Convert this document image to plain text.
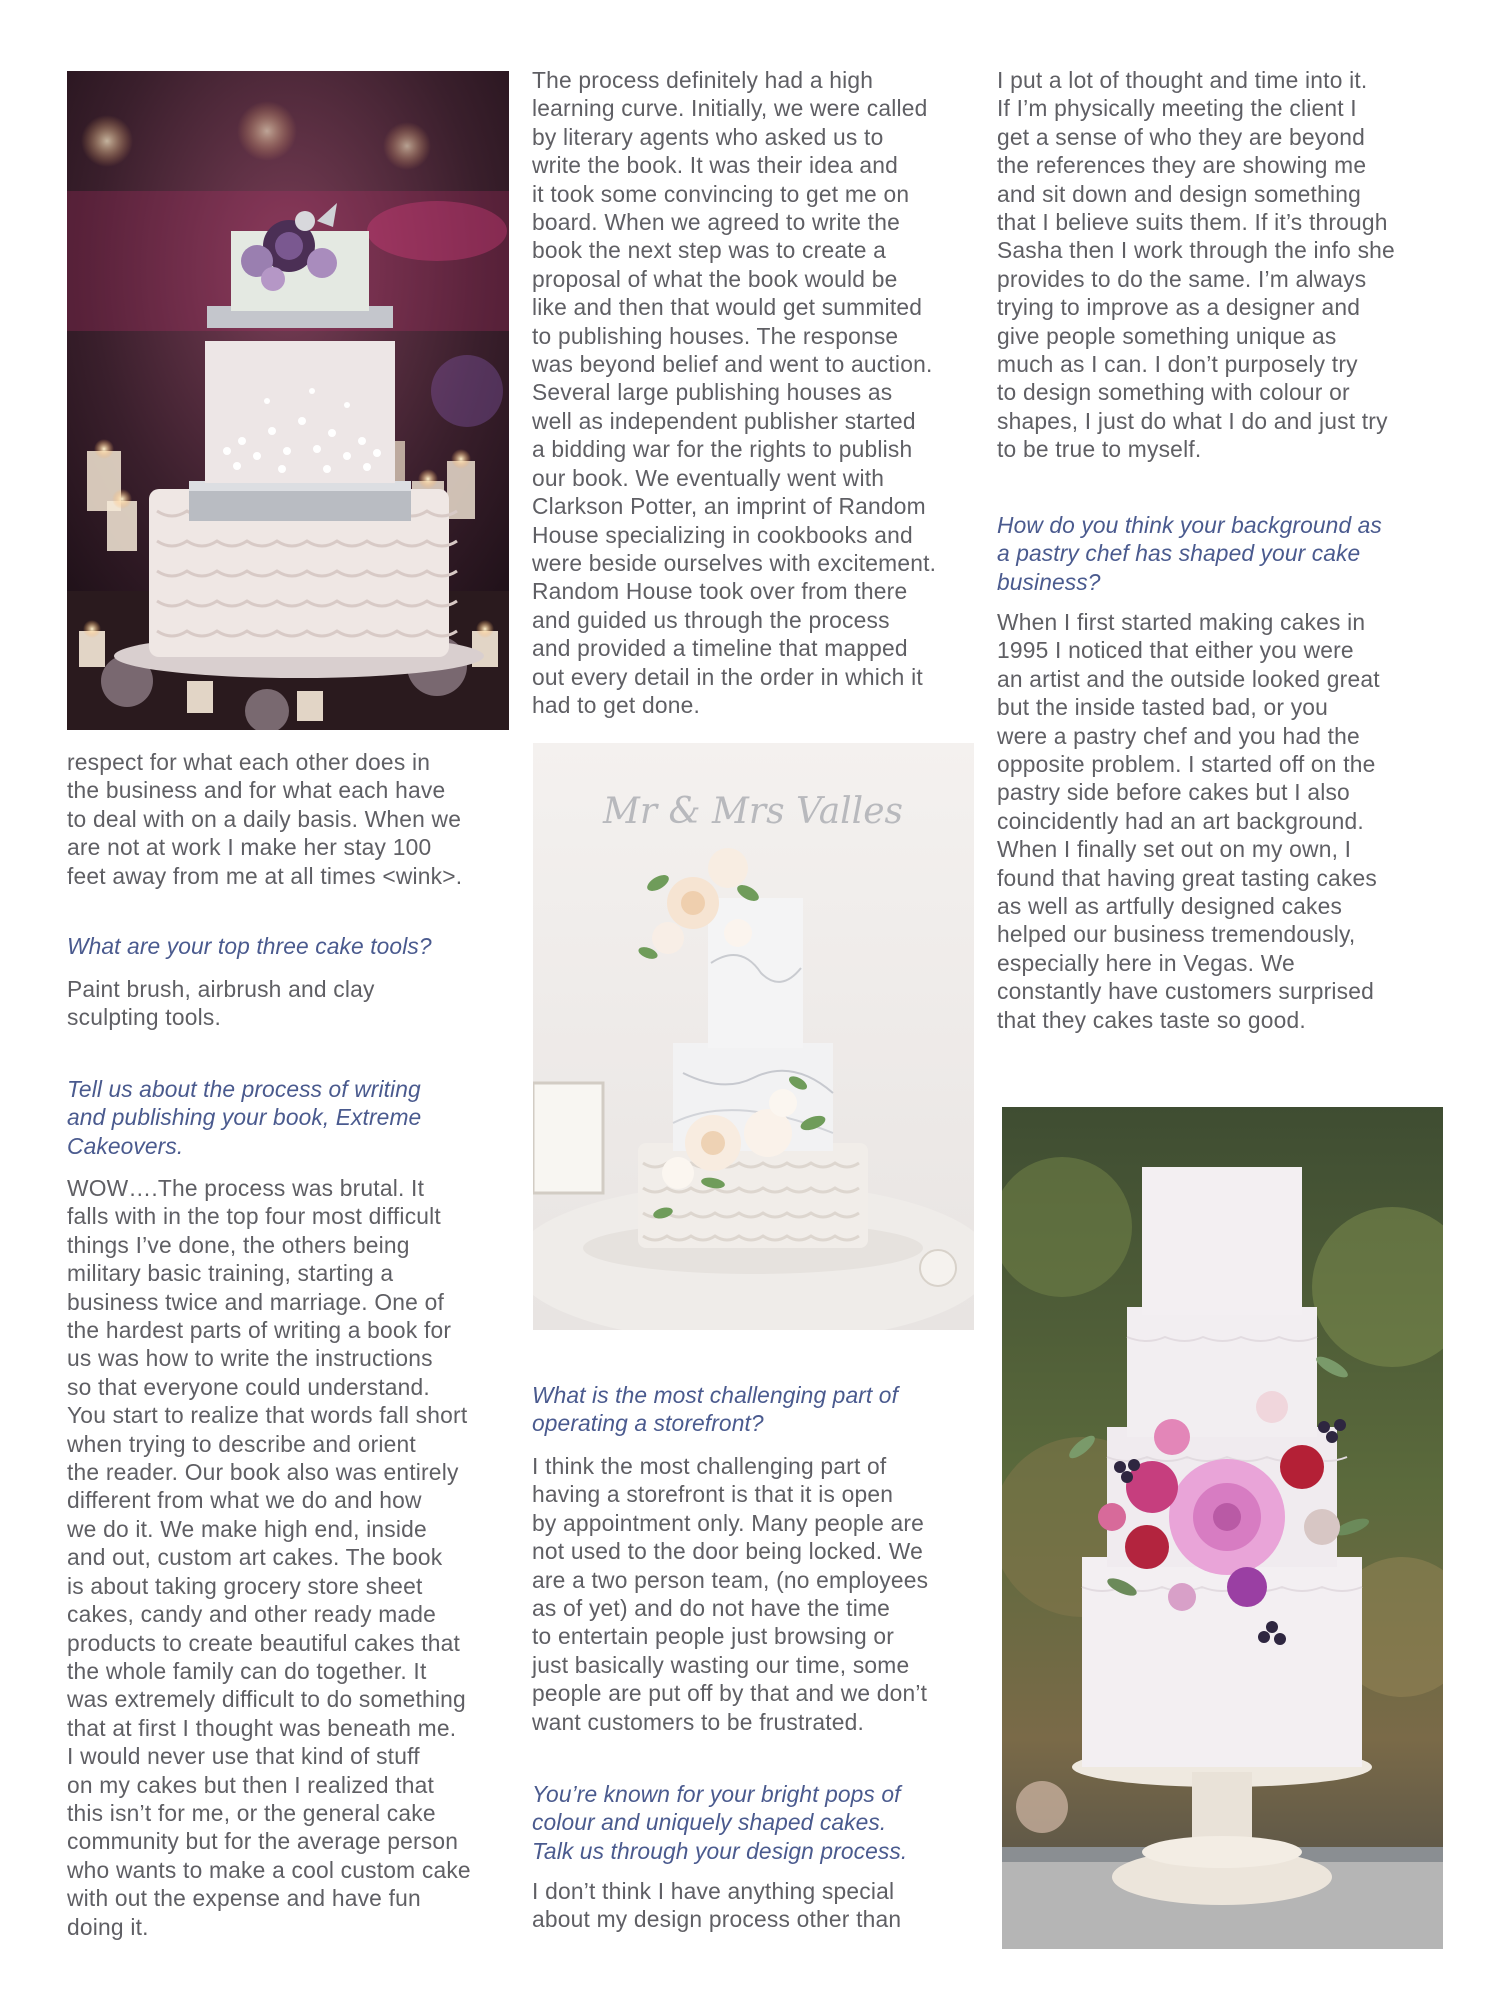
respect for what each other does in
the business and for what each have
to deal with on a daily basis. When we
are not at work I make her stay 100
feet away from me at all times <wink>.

What are your top three cake tools?

Paint brush, airbrush and clay
sculpting tools.

Tell us about the process of writing
and publishing your book, Extreme
Cakeovers.

WOW….The process was brutal. It
falls with in the top four most difficult
things I’ve done, the others being
military basic training, starting a
business twice and marriage. One of
the hardest parts of writing a book for
us was how to write the instructions
so that everyone could understand.
You start to realize that words fall short
when trying to describe and orient
the reader. Our book also was entirely
different from what we do and how
we do it. We make high end, inside
and out, custom art cakes. The book
is about taking grocery store sheet
cakes, candy and other ready made
products to create beautiful cakes that
the whole family can do together. It
was extremely difficult to do something
that at first I thought was beneath me.
I would never use that kind of stuff
on my cakes but then I realized that
this isn’t for me, or the general cake
community but for the average person
who wants to make a cool custom cake
with out the expense and have fun
doing it.

The process definitely had a high
learning curve. Initially, we were called
by literary agents who asked us to
write the book. It was their idea and
it took some convincing to get me on
board. When we agreed to write the
book the next step was to create a
proposal of what the book would be
like and then that would get summited
to publishing houses. The response
was beyond belief and went to auction.
Several large publishing houses as
well as independent publisher started
a bidding war for the rights to publish
our book. We eventually went with
Clarkson Potter, an imprint of Random
House specializing in cookbooks and
were beside ourselves with excitement.
Random House took over from there
and guided us through the process
and provided a timeline that mapped
out every detail in the order in which it
had to get done.

Mr & Mrs Valles

What is the most challenging part of
operating a storefront?

I think the most challenging part of
having a storefront is that it is open
by appointment only. Many people are
not used to the door being locked. We
are a two person team, (no employees
as of yet) and do not have the time
to entertain people just browsing or
just basically wasting our time, some
people are put off by that and we don’t
want customers to be frustrated.

You’re known for your bright pops of
colour and uniquely shaped cakes.
Talk us through your design process.

I don’t think I have anything special
about my design process other than

I put a lot of thought and time into it.
If I’m physically meeting the client I
get a sense of who they are beyond
the references they are showing me
and sit down and design something
that I believe suits them. If it’s through
Sasha then I work through the info she
provides to do the same. I’m always
trying to improve as a designer and
give people something unique as
much as I can. I don’t purposely try
to design something with colour or
shapes, I just do what I do and just try
to be true to myself.

How do you think your background as
a pastry chef has shaped your cake
business?

When I first started making cakes in
1995 I noticed that either you were
an artist and the outside looked great
but the inside tasted bad, or you
were a pastry chef and you had the
opposite problem. I started off on the
pastry side before cakes but I also
coincidently had an art background.
When I finally set out on my own, I
found that having great tasting cakes
as well as artfully designed cakes
helped our business tremendously,
especially here in Vegas. We
constantly have customers surprised
that they cakes taste so good.
